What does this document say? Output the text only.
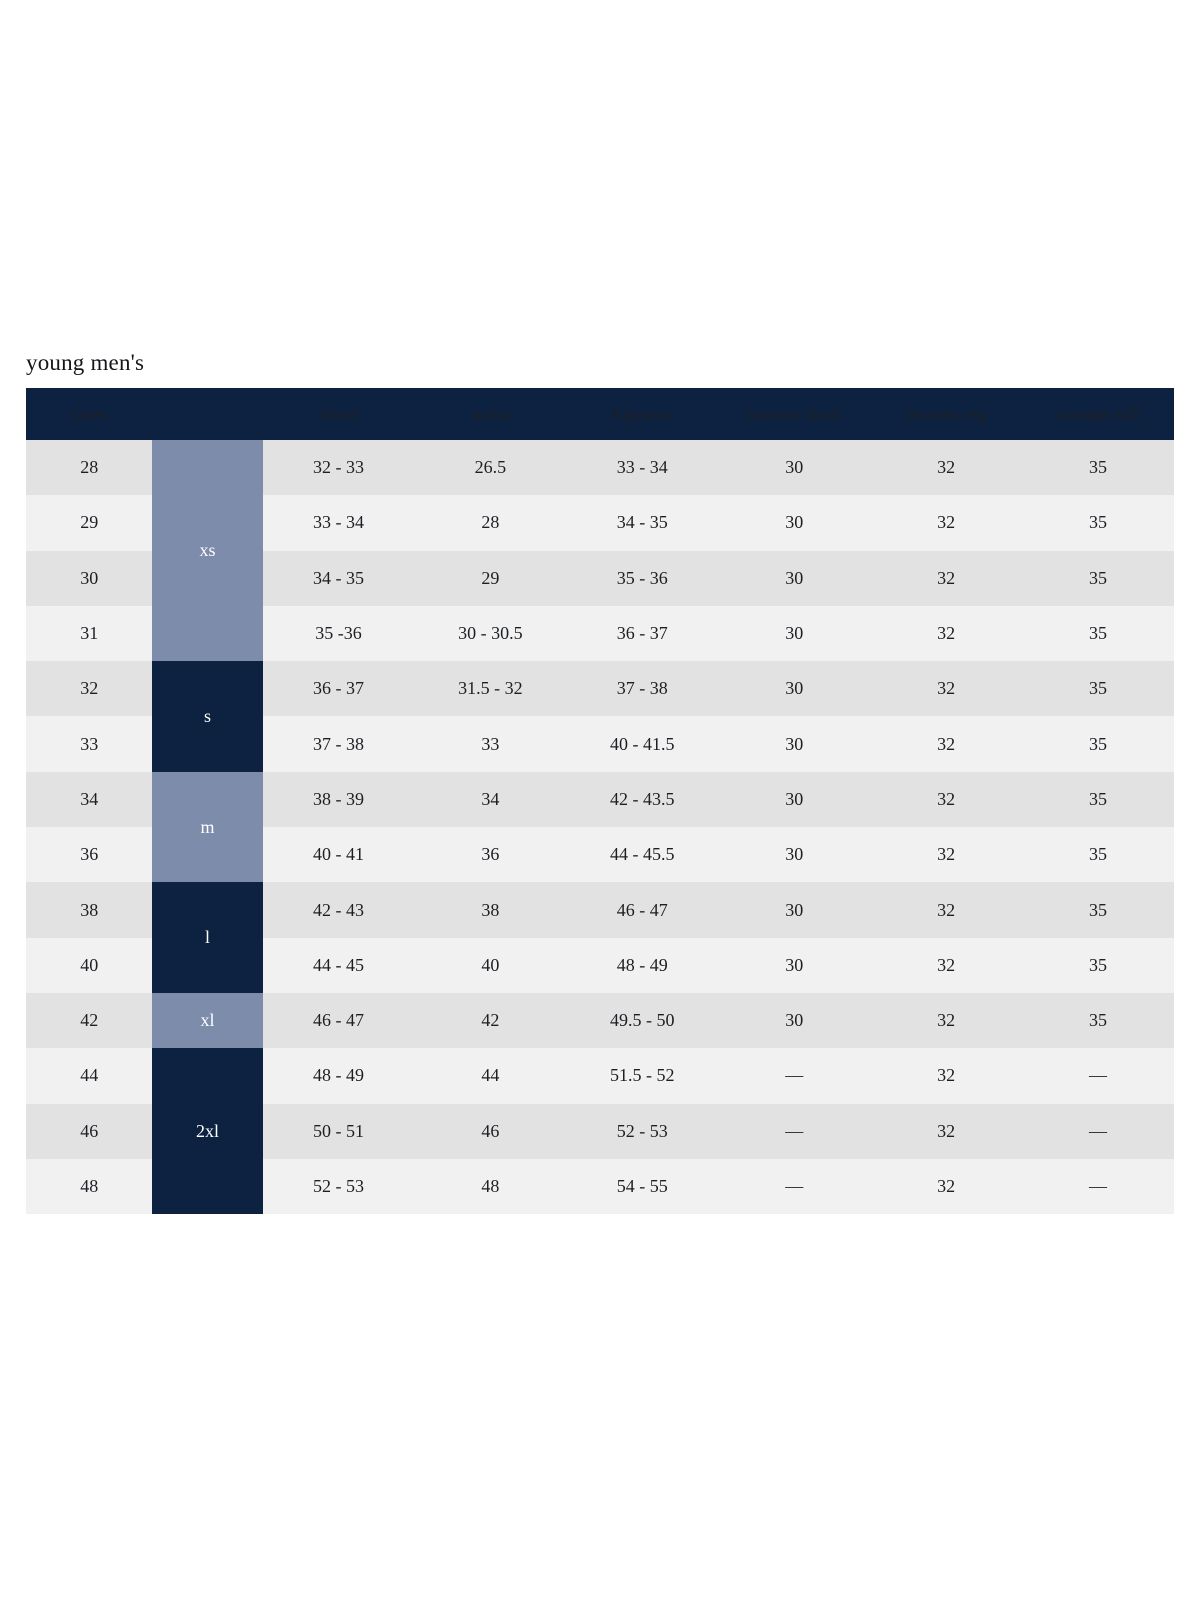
young men's
sizes		chest	waist	hip/seat	inseam short	inseam reg	inseam tall
28	xs	32 - 33	26.5	33 - 34	30	32	35
29		33 - 34	28	34 - 35	30	32	35
30		34 - 35	29	35 - 36	30	32	35
31		35 -36	30 - 30.5	36 - 37	30	32	35
32	s	36 - 37	31.5 - 32	37 - 38	30	32	35
33		37 - 38	33	40 - 41.5	30	32	35
34	m	38 - 39	34	42 - 43.5	30	32	35
36		40 - 41	36	44 - 45.5	30	32	35
38	l	42 - 43	38	46 - 47	30	32	35
40		44 - 45	40	48 - 49	30	32	35
42	xl	46 - 47	42	49.5 - 50	30	32	35
44	2xl	48 - 49	44	51.5 - 52	—	32	—
46		50 - 51	46	52 - 53	—	32	—
48		52 - 53	48	54 - 55	—	32	—
